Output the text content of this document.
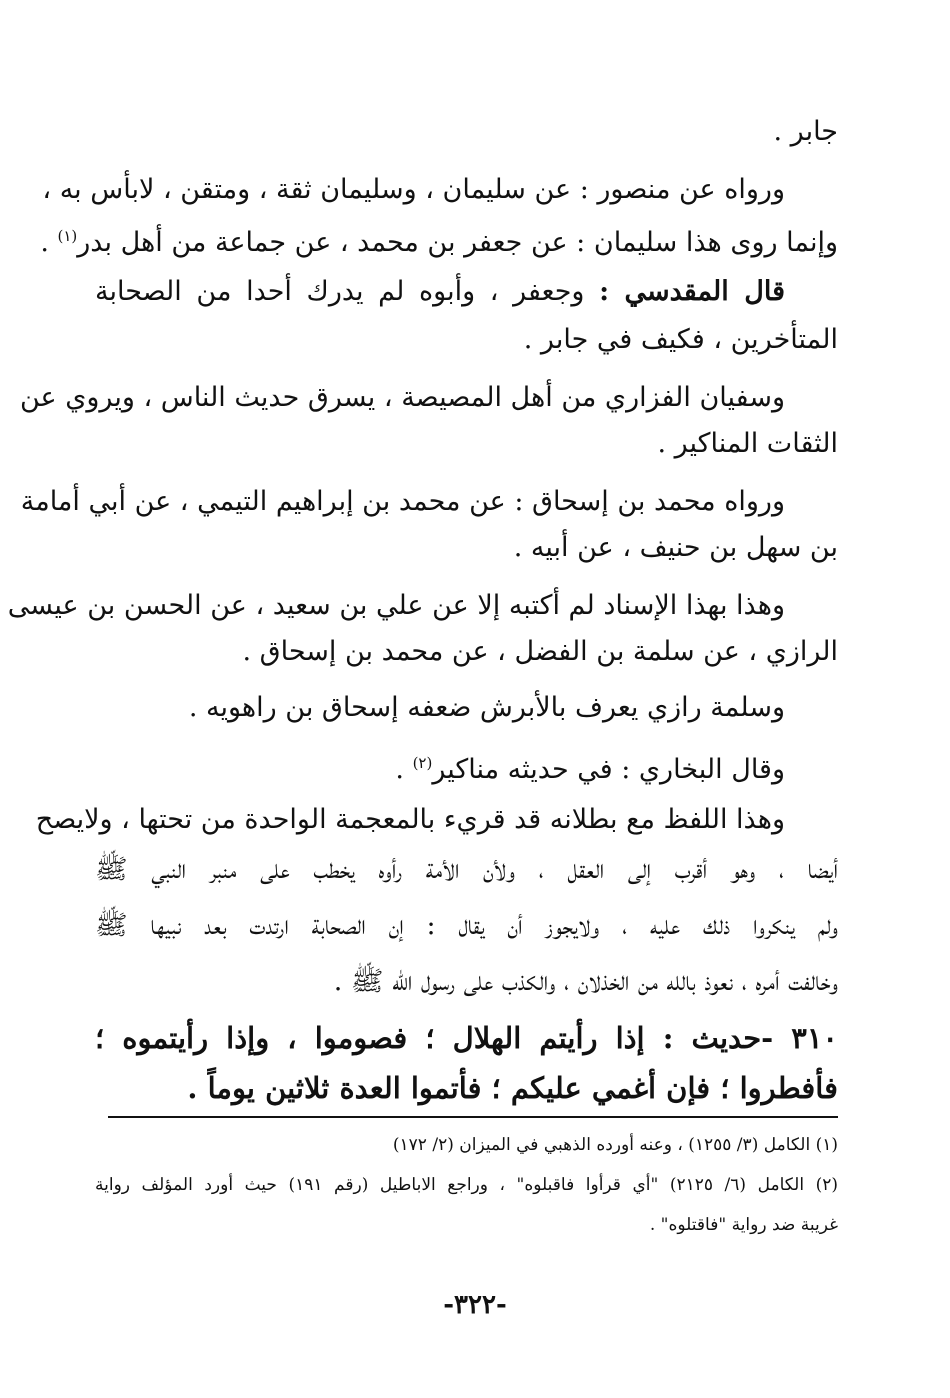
جابر .
ورواه عن منصور : عن سليمان ، وسليمان ثقة ، ومتقن ، لابأس به ،
وإنما روى هذا سليمان : عن جعفر بن محمد ، عن جماعة من أهل بدر$^{(١)}$ .
قال المقدسي : وجعفر ، وأبوه لم يدرك أحدا من الصحابة
المتأخرين ، فكيف في جابر .
وسفيان الفزاري من أهل المصيصة ، يسرق حديث الناس ، ويروي عن
الثقات المناكير .
ورواه محمد بن إسحاق : عن محمد بن إبراهيم التيمي ، عن أبي أمامة
بن سهل بن حنيف ، عن أبيه .
وهذا بهذا الإسناد لم أكتبه إلا عن علي بن سعيد ، عن الحسن بن عيسى
الرازي ، عن سلمة بن الفضل ، عن محمد بن إسحاق .
وسلمة رازي يعرف بالأبرش ضعفه إسحاق بن راهويه .
وقال البخاري : في حديثه مناكير$^{(٢)}$ .
وهذا اللفظ مع بطلانه قد قريء بالمعجمة الواحدة من تحتها ، ولايصح
أيضا ، وهو أقرب إلى العقل ، ولأن الأمة رأوه يخطب على منبر النبي ﷺ
ولم ينكروا ذلك عليه ، ولايجوز أن يقال : إن الصحابة ارتدت بعد نبيها ﷺ
وخالفت أمره ، نعوذ بالله من الخذلان ، والكذب على رسول الله ﷺ .
٣١٠ -حديث : إذا رأيتم الهلال ؛ فصوموا ، وإذا رأيتموه ؛
فأفطروا ؛ فإن أغمي عليكم ؛ فأتموا العدة ثلاثين يوماً .
(١) الكامل (٣/ ١٢٥٥) ، وعنه أورده الذهبي في الميزان (٢/ ١٧٢)
(٢) الكامل (٦/ ٢١٢٥) "أي قرأوا فاقبلوه" ، وراجع الاباطيل (رقم ١٩١) حيث أورد المؤلف رواية
غريبة ضد رواية "فاقتلوه" .
-٣٢٢-
